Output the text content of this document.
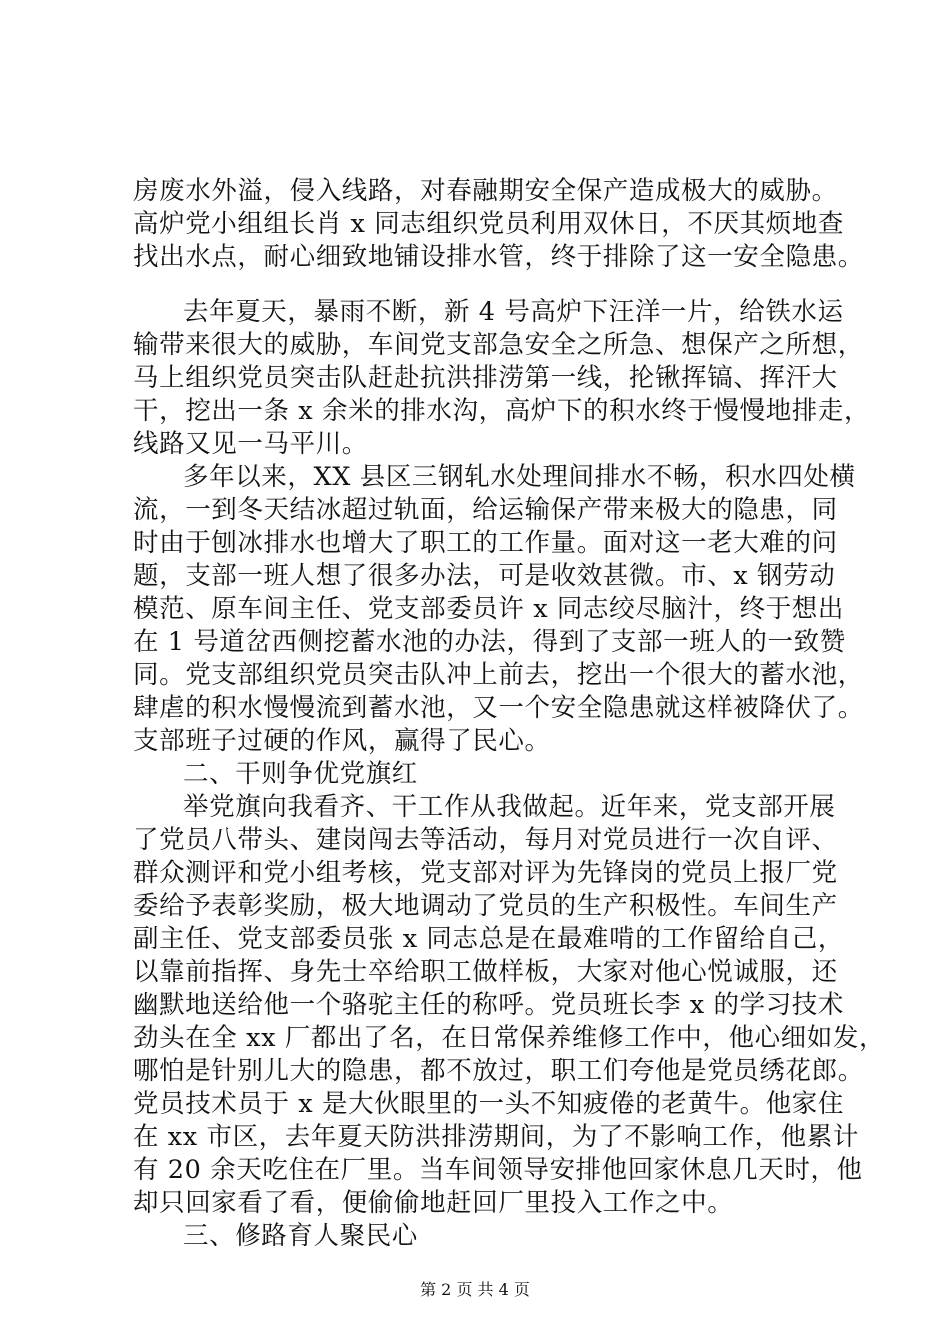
房废水外溢，侵入线路，对春融期安全保产造成极大的威胁。
高炉党小组组长肖 x 同志组织党员利用双休日，不厌其烦地查
找出水点，耐心细致地铺设排水管，终于排除了这一安全隐患。
去年夏天，暴雨不断，新 4 号高炉下汪洋一片，给铁水运
输带来很大的威胁，车间党支部急安全之所急、想保产之所想，
马上组织党员突击队赶赴抗洪排涝第一线，抡锹挥镐、挥汗大
干，挖出一条 x 余米的排水沟，高炉下的积水终于慢慢地排走，
线路又见一马平川。
多年以来，XX 县区三钢轧水处理间排水不畅，积水四处横
流，一到冬天结冰超过轨面，给运输保产带来极大的隐患，同
时由于刨冰排水也增大了职工的工作量。面对这一老大难的问
题，支部一班人想了很多办法，可是收效甚微。市、x 钢劳动
模范、原车间主任、党支部委员许 x 同志绞尽脑汁，终于想出
在 1 号道岔西侧挖蓄水池的办法，得到了支部一班人的一致赞
同。党支部组织党员突击队冲上前去，挖出一个很大的蓄水池，
肆虐的积水慢慢流到蓄水池，又一个安全隐患就这样被降伏了。
支部班子过硬的作风，赢得了民心。
二、干则争优党旗红
举党旗向我看齐、干工作从我做起。近年来，党支部开展
了党员八带头、建岗闯去等活动，每月对党员进行一次自评、
群众测评和党小组考核，党支部对评为先锋岗的党员上报厂党
委给予表彰奖励，极大地调动了党员的生产积极性。车间生产
副主任、党支部委员张 x 同志总是在最难啃的工作留给自己，
以靠前指挥、身先士卒给职工做样板，大家对他心悦诚服，还
幽默地送给他一个骆驼主任的称呼。党员班长李 x 的学习技术
劲头在全 xx 厂都出了名，在日常保养维修工作中，他心细如发，
哪怕是针别儿大的隐患，都不放过，职工们夸他是党员绣花郎。
党员技术员于 x 是大伙眼里的一头不知疲倦的老黄牛。他家住
在 xx 市区，去年夏天防洪排涝期间，为了不影响工作，他累计
有 20 余天吃住在厂里。当车间领导安排他回家休息几天时，他
却只回家看了看，便偷偷地赶回厂里投入工作之中。
三、修路育人聚民心
第 2 页 共 4 页
